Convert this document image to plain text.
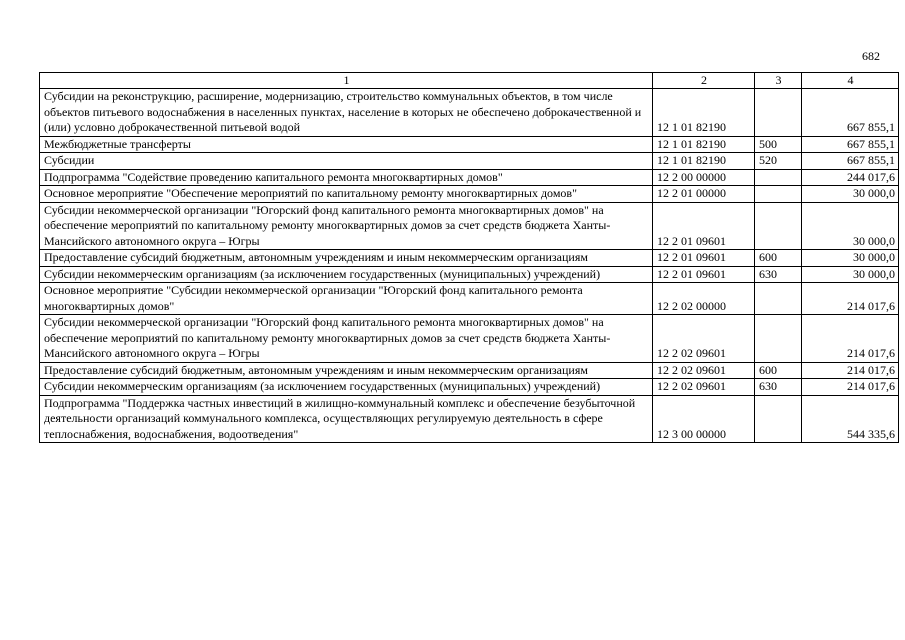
682
1	2	3	4
Субсидии на реконструкцию, расширение, модернизацию, строительство коммунальных объектов, в том числе объектов питьевого водоснабжения в населенных пунктах, население в которых не обеспечено доброкачественной и (или) условно доброкачественной питьевой водой	12 1 01 82190		667 855,1
Межбюджетные трансферты	12 1 01 82190	500	667 855,1
Субсидии	12 1 01 82190	520	667 855,1
Подпрограмма "Содействие проведению капитального ремонта многоквартирных домов"	12 2 00 00000		244 017,6
Основное мероприятие "Обеспечение мероприятий по капитальному ремонту многоквартирных домов"	12 2 01 00000		30 000,0
Субсидии некоммерческой организации "Югорский фонд капитального ремонта многоквартирных домов" на обеспечение мероприятий по капитальному ремонту многоквартирных домов за счет средств бюджета Ханты-Мансийского автономного округа – Югры	12 2 01 09601		30 000,0
Предоставление субсидий бюджетным, автономным учреждениям и иным некоммерческим организациям	12 2 01 09601	600	30 000,0
Субсидии некоммерческим организациям (за исключением государственных (муниципальных) учреждений)	12 2 01 09601	630	30 000,0
Основное мероприятие "Субсидии некоммерческой организации "Югорский фонд капитального ремонта многоквартирных домов"	12 2 02 00000		214 017,6
Субсидии некоммерческой организации "Югорский фонд капитального ремонта многоквартирных домов" на обеспечение мероприятий по капитальному ремонту многоквартирных домов за счет средств бюджета Ханты-Мансийского автономного округа – Югры	12 2 02 09601		214 017,6
Предоставление субсидий бюджетным, автономным учреждениям и иным некоммерческим организациям	12 2 02 09601	600	214 017,6
Субсидии некоммерческим организациям (за исключением государственных (муниципальных) учреждений)	12 2 02 09601	630	214 017,6
Подпрограмма "Поддержка частных инвестиций в жилищно-коммунальный комплекс и обеспечение безубыточной деятельности организаций коммунального комплекса, осуществляющих регулируемую деятельность в сфере теплоснабжения, водоснабжения, водоотведения"	12 3 00 00000		544 335,6
